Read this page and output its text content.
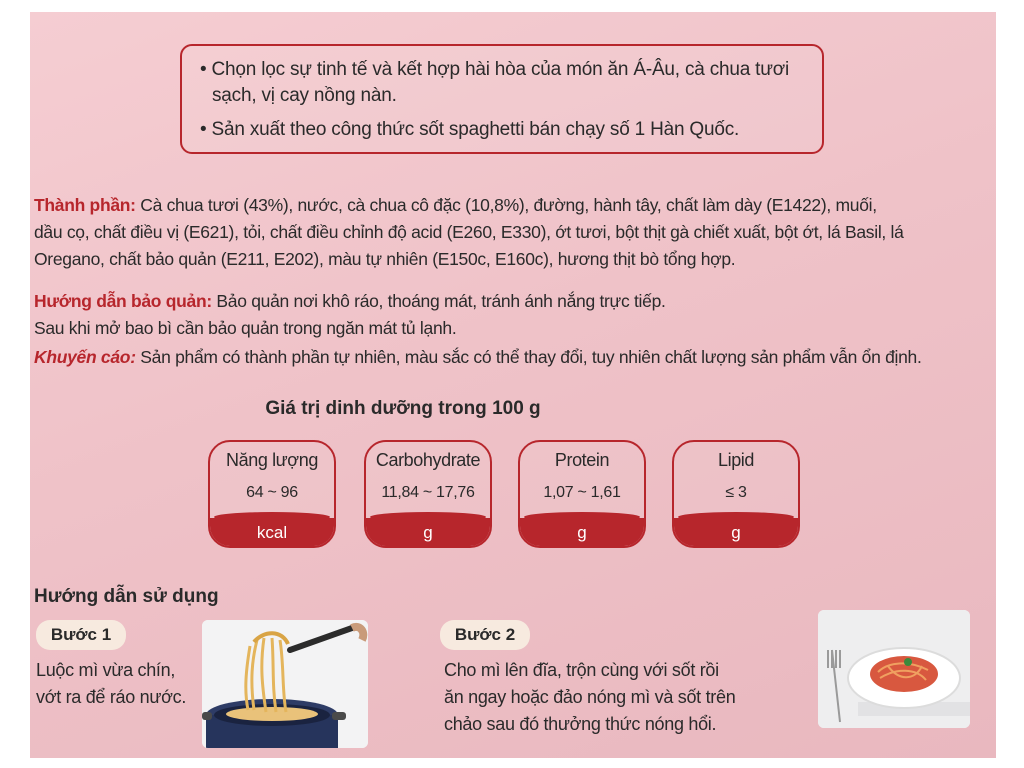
• Chọn lọc sự tinh tế và kết hợp hài hòa của món ăn Á-Âu, cà chua tươi
sạch, vị cay nồng nàn.
• Sản xuất theo công thức sốt spaghetti bán chạy số 1 Hàn Quốc.
Thành phần: Cà chua tươi (43%), nước, cà chua cô đặc (10,8%), đường, hành tây, chất làm dày (E1422), muối,
dầu cọ, chất điều vị (E621), tỏi, chất điều chỉnh độ acid (E260, E330), ớt tươi, bột thịt gà chiết xuất, bột ớt, lá Basil, lá
Oregano, chất bảo quản (E211, E202), màu tự nhiên (E150c, E160c), hương thịt bò tổng hợp.
Hướng dẫn bảo quản: Bảo quản nơi khô ráo, thoáng mát, tránh ánh nắng trực tiếp.
Sau khi mở bao bì cần bảo quản trong ngăn mát tủ lạnh.
Khuyến cáo: Sản phẩm có thành phần tự nhiên, màu sắc có thể thay đổi, tuy nhiên chất lượng sản phẩm vẫn ổn định.
Giá trị dinh dưỡng trong 100 g
Năng lượng
64 ~ 96
kcal
Carbohydrate
11,84 ~ 17,76
g
Protein
1,07 ~ 1,61
g
Lipid
≤ 3
g
Hướng dẫn sử dụng
Bước 1
Luộc mì vừa chín,
vớt ra để ráo nước.
Bước 2
Cho mì lên đĩa, trộn cùng với sốt rồi
ăn ngay hoặc đảo nóng mì và sốt trên
chảo sau đó thưởng thức nóng hổi.
